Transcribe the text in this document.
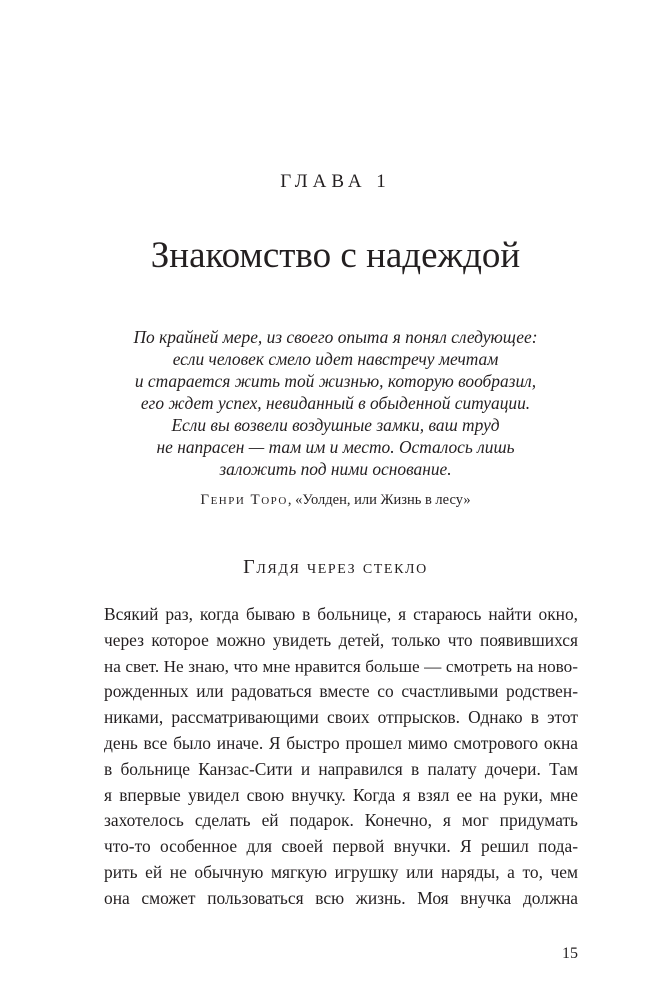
ГЛАВА 1
Знакомство с надеждой
По крайней мере, из своего опыта я понял следующее:
если человек смело идет навстречу мечтам
и старается жить той жизнью, которую вообразил,
его ждет успех, невиданный в обыденной ситуации.
Если вы возвели воздушные замки, ваш труд
не напрасен — там им и место. Осталось лишь
заложить под ними основание.
Генри Торо, «Уолден, или Жизнь в лесу»
Глядя через стекло
Всякий раз, когда бываю в больнице, я стараюсь найти окно,
через которое можно увидеть детей, только что появившихся
на свет. Не знаю, что мне нравится больше — смотреть на ново-
рожденных или радоваться вместе со счастливыми родствен-
никами, рассматривающими своих отпрысков. Однако в этот
день все было иначе. Я быстро прошел мимо смотрового окна
в больнице Канзас-Сити и направился в палату дочери. Там
я впервые увидел свою внучку. Когда я взял ее на руки, мне
захотелось сделать ей подарок. Конечно, я мог придумать
что-то особенное для своей первой внучки. Я решил пода-
рить ей не обычную мягкую игрушку или наряды, а то, чем
она сможет пользоваться всю жизнь. Моя внучка должна
15
